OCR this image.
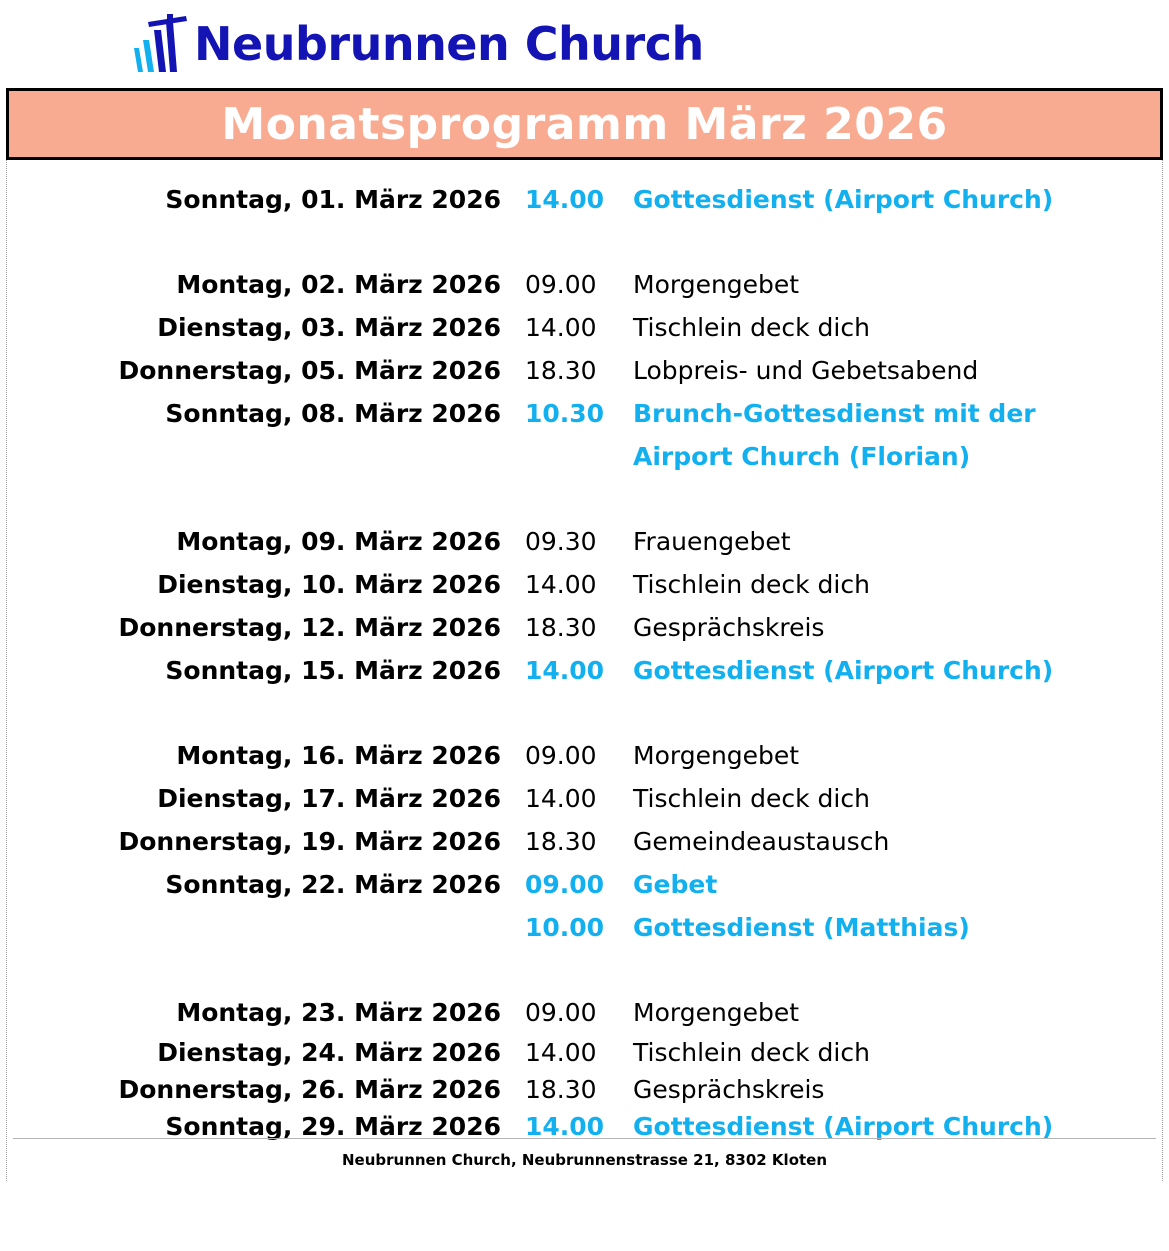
Neubrunnen Church
Monatsprogramm März 2026
Sonntag, 01. März 2026	14.00	Gottesdienst (Airport Church)

Montag, 02. März 2026	09.00	Morgengebet
Dienstag, 03. März 2026	14.00	Tischlein deck dich
Donnerstag, 05. März 2026	18.30	Lobpreis- und Gebetsabend
Sonntag, 08. März 2026	10.30	Brunch-Gottesdienst mit der
		Airport Church (Florian)

Montag, 09. März 2026	09.30	Frauengebet
Dienstag, 10. März 2026	14.00	Tischlein deck dich
Donnerstag, 12. März 2026	18.30	Gesprächskreis
Sonntag, 15. März 2026	14.00	Gottesdienst (Airport Church)

Montag, 16. März 2026	09.00	Morgengebet
Dienstag, 17. März 2026	14.00	Tischlein deck dich
Donnerstag, 19. März 2026	18.30	Gemeindeaustausch
Sonntag, 22. März 2026	09.00	Gebet
	10.00	Gottesdienst (Matthias)

Montag, 23. März 2026	09.00	Morgengebet
Dienstag, 24. März 2026	14.00	Tischlein deck dich
Donnerstag, 26. März 2026	18.30	Gesprächskreis
Sonntag, 29. März 2026	14.00	Gottesdienst (Airport Church)
Neubrunnen Church, Neubrunnenstrasse 21, 8302 Kloten
